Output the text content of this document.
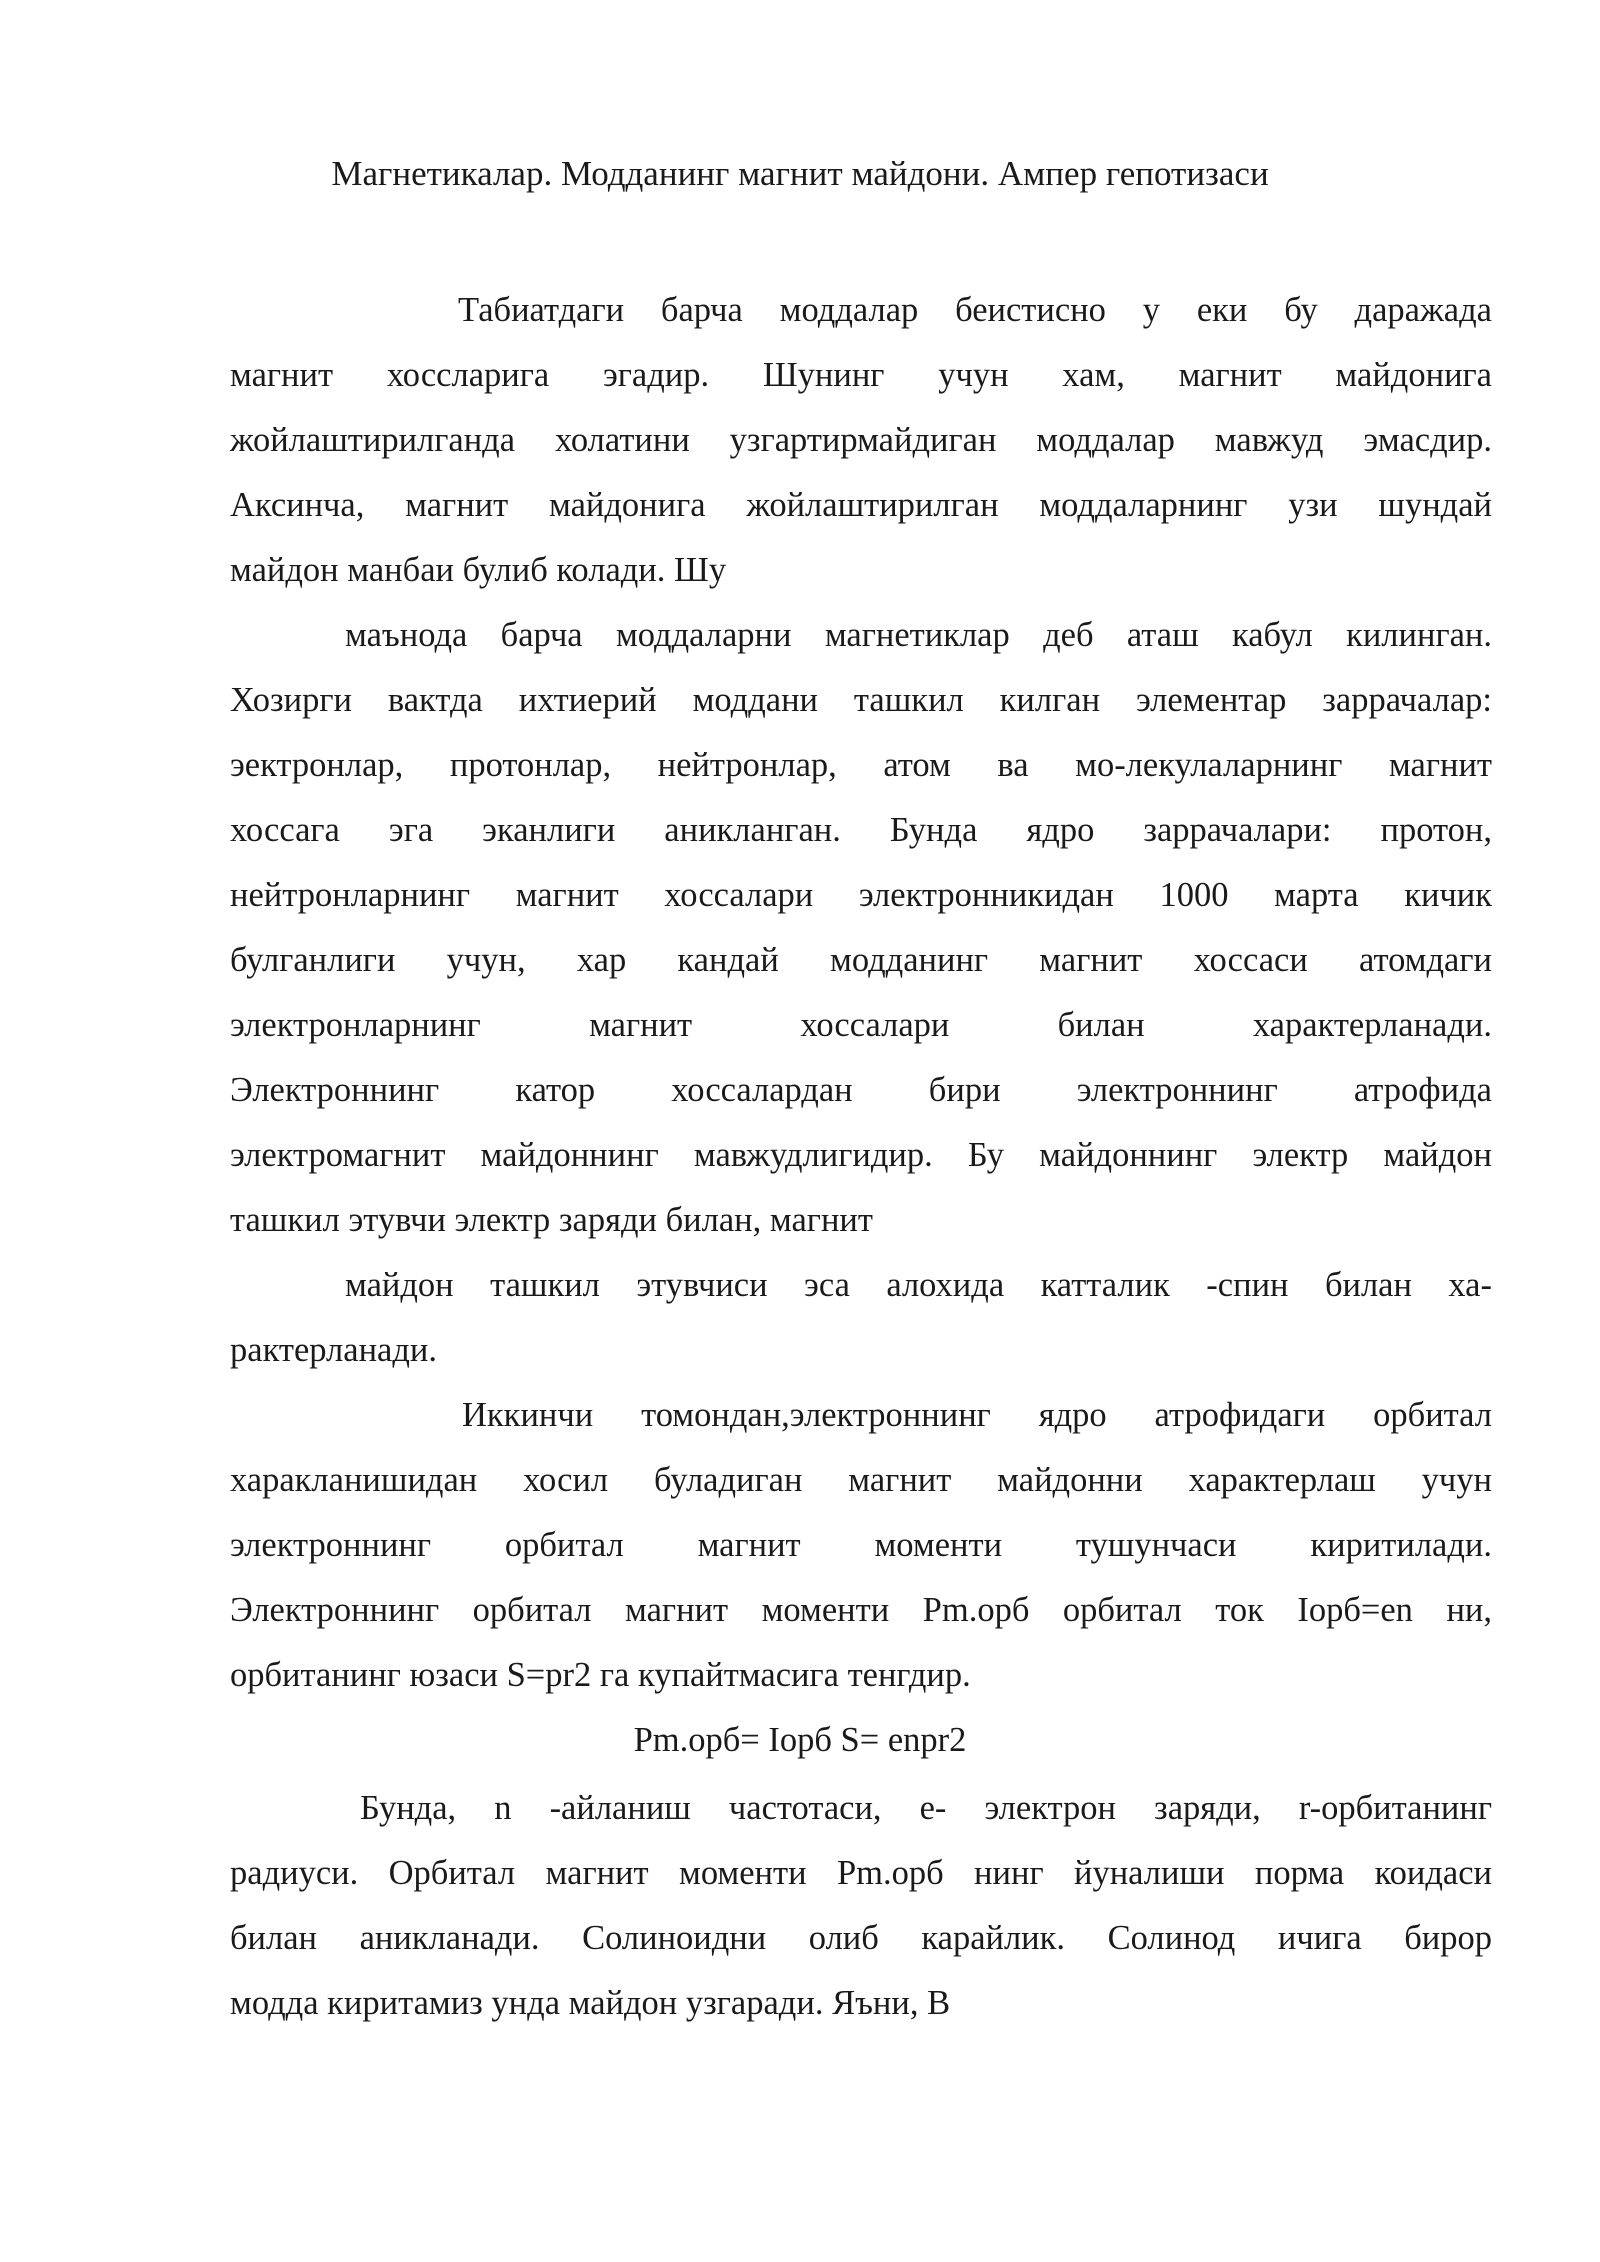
Магнетикалар. Модданинг магнит майдони. Ампер гепотизаси
Табиатдаги барча моддалар беистисно у еки бу даражада
магнит хоссларига эгадир. Шунинг учун хам, магнит майдонига
жойлаштирилганда холатини узгартирмайдиган моддалар мавжуд эмасдир.
Аксинча, магнит майдонига жойлаштирилган моддаларнинг узи шундай
майдон манбаи булиб колади. Шу
маънода барча моддаларни магнетиклар деб аташ кабул килинган.
Хозирги вактда ихтиерий моддани ташкил килган элементар заррачалар:
эектронлар, протонлар, нейтронлар, атом ва мо-лекулаларнинг магнит
хоссага эга эканлиги аникланган. Бунда ядро заррачалари: протон,
нейтронларнинг магнит хоссалари электронникидан 1000 марта кичик
булганлиги учун, хар кандай модданинг магнит хоссаси атомдаги
электронларнинг магнит хоссалари билан характерланади.
Электроннинг катор хоссалардан бири электроннинг атрофида
электромагнит майдоннинг мавжудлигидир. Бу майдоннинг электр майдон
ташкил этувчи электр заряди билан, магнит
майдон ташкил этувчиси эса алохида катталик -спин билан ха-
рактерланади.
Иккинчи томондан,электроннинг ядро атрофидаги орбитал
харакланишидан хосил буладиган магнит майдонни характерлаш учун
электроннинг орбитал магнит моменти тушунчаси киритилади.
Электроннинг орбитал магнит моменти Pm.орб орбитал ток Iорб=en ни,
орбитанинг юзаси S=pr2 га купайтмасига тенгдир.
Pm.орб= Iорб S= enpr2
Бунда, n -айланиш частотаси, е- электрон заряди, r-орбитанинг
радиуси. Орбитал магнит моменти Pm.орб нинг йуналиши порма коидаси
билан аникланади. Солиноидни олиб карайлик. Солинод ичига бирор
модда киритамиз унда майдон узгаради. Яъни, В
